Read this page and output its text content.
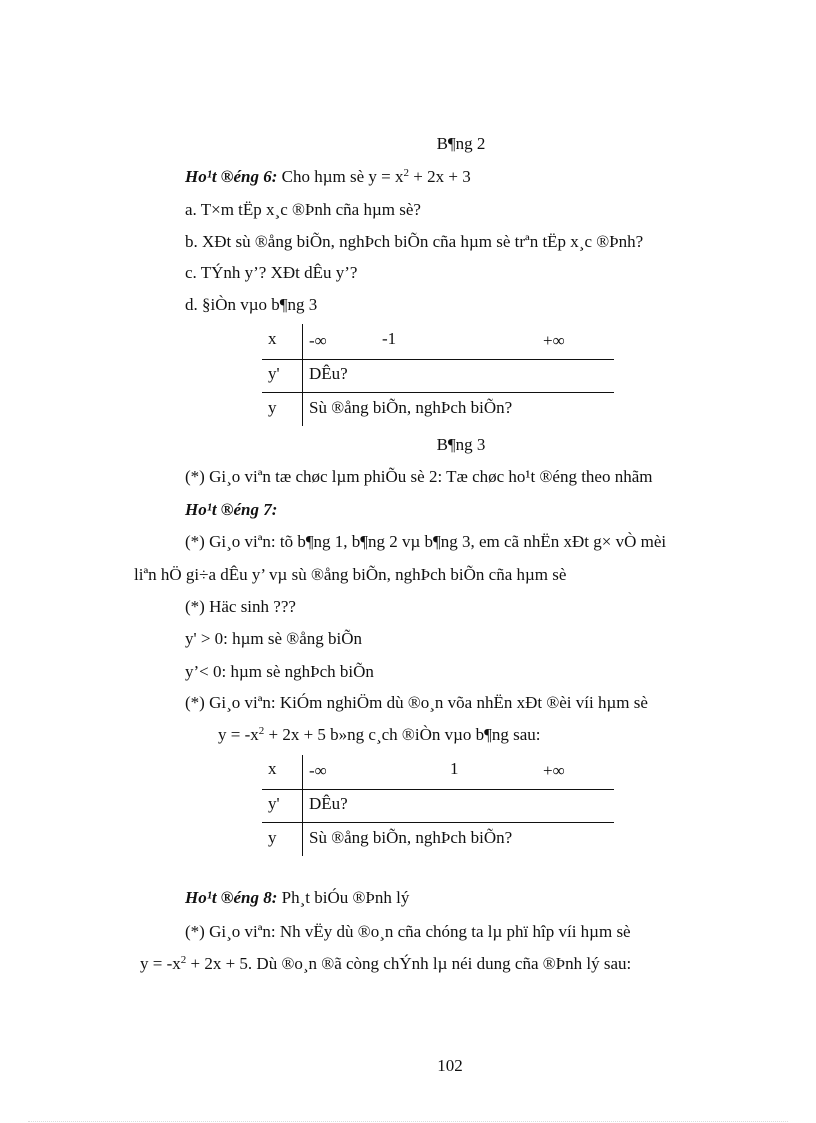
B¶ng 2
Ho¹t ®éng 6: Cho hµm sè $y = x^2 + 2x + 3$
a. T×m tËp x¸c ®Þnh cña hµm sè?
b. XÐt sù ®ång biÕn, nghÞch biÕn cña hµm sè trªn tËp x¸c ®Þnh?
c. TÝnh y’? XÐt dÊu y’?
d. §iÒn vµo b¶ng 3
x -∞	-1	+∞
y' DÊu?
y Sù ®ång biÕn, nghÞch biÕn?
B¶ng 3
(*) Gi¸o viªn tæ chøc lµm phiÕu sè 2: Tæ chøc ho¹t ®éng theo nhãm
Ho¹t ®éng 7:
(*) Gi¸o viªn: tõ b¶ng 1, b¶ng 2 vµ b¶ng 3, em cã nhËn xÐt g× vÒ mèi
liªn hÖ gi÷a dÊu y’ vµ sù ®ång biÕn, nghÞch biÕn cña hµm sè
(*) Häc sinh ???
y' > 0: hµm sè ®ång biÕn
y’< 0: hµm sè nghÞch biÕn
(*) Gi¸o viªn: KiÓm nghiÖm dù ®o¸n võa nhËn xÐt ®èi víi hµm sè
$y = -x^2 + 2x + 5$ b»ng c¸ch ®iÒn vµo b¶ng sau:
x -∞	1	+∞
y' DÊu?
y Sù ®ång biÕn, nghÞch biÕn?
Ho¹t ®éng 8: Ph¸t biÓu ®Þnh lý
(*) Gi¸o viªn: Nh vËy dù ®o¸n cña chóng ta lµ phï hîp víi hµm sè
$y = -x^2 + 2x + 5$. Dù ®o¸n ®ã còng chÝnh lµ néi dung cña ®Þnh lý sau:
102
